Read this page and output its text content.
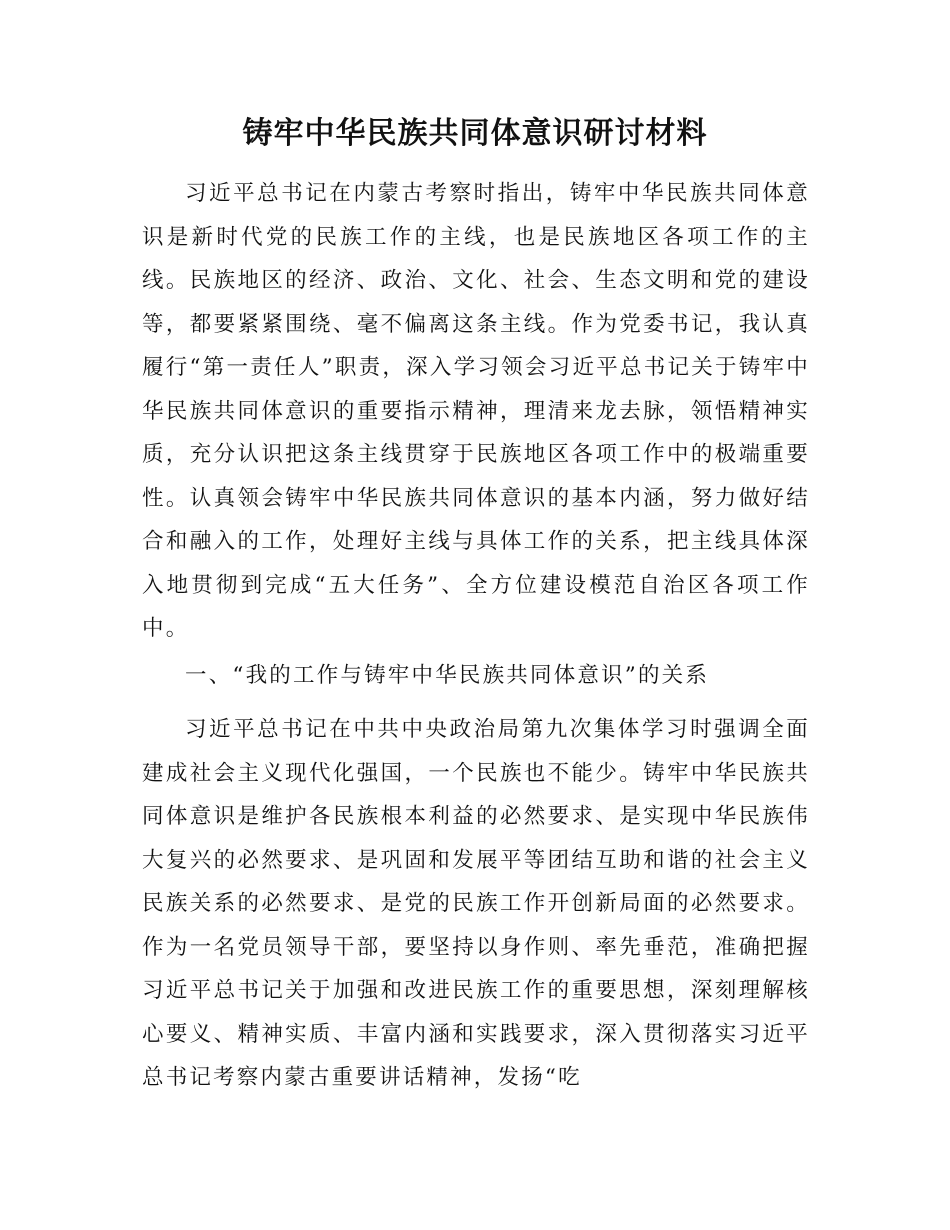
铸牢中华民族共同体意识研讨材料

习近平总书记在内蒙古考察时指出，铸牢中华民族共同体意识是新时代党的民族工作的主线，也是民族地区各项工作的主线。民族地区的经济、政治、文化、社会、生态文明和党的建设等，都要紧紧围绕、毫不偏离这条主线。作为党委书记，我认真履行“第一责任人”职责，深入学习领会习近平总书记关于铸牢中华民族共同体意识的重要指示精神，理清来龙去脉，领悟精神实质，充分认识把这条主线贯穿于民族地区各项工作中的极端重要性。认真领会铸牢中华民族共同体意识的基本内涵，努力做好结合和融入的工作，处理好主线与具体工作的关系，把主线具体深入地贯彻到完成“五大任务”、全方位建设模范自治区各项工作中。

一、“我的工作与铸牢中华民族共同体意识”的关系

习近平总书记在中共中央政治局第九次集体学习时强调全面建成社会主义现代化强国，一个民族也不能少。铸牢中华民族共同体意识是维护各民族根本利益的必然要求、是实现中华民族伟大复兴的必然要求、是巩固和发展平等团结互助和谐的社会主义民族关系的必然要求、是党的民族工作开创新局面的必然要求。作为一名党员领导干部，要坚持以身作则、率先垂范，准确把握习近平总书记关于加强和改进民族工作的重要思想，深刻理解核心要义、精神实质、丰富内涵和实践要求，深入贯彻落实习近平总书记考察内蒙古重要讲话精神，发扬“吃
